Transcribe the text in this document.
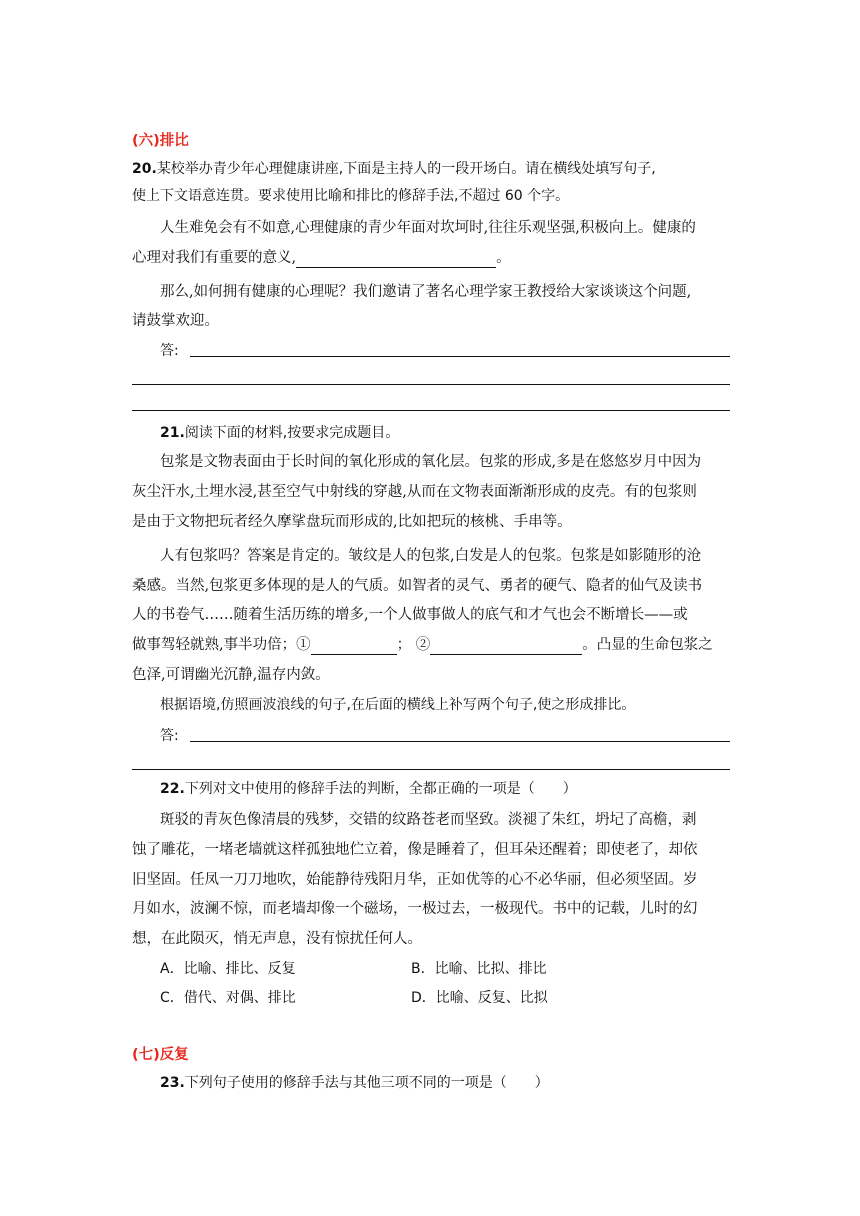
(六)排比
20.某校举办青少年心理健康讲座,下面是主持人的一段开场白。请在横线处填写句子,
使上下文语意连贯。要求使用比喻和排比的修辞手法,不超过 60 个字。
人生难免会有不如意,心理健康的青少年面对坎坷时,往往乐观坚强,积极向上。健康的
心理对我们有重要的意义,	。
那么,如何拥有健康的心理呢？我们邀请了著名心理学家王教授给大家谈谈这个问题,
请鼓掌欢迎。
答:
21.阅读下面的材料,按要求完成题目。
包浆是文物表面由于长时间的氧化形成的氧化层。包浆的形成,多是在悠悠岁月中因为
灰尘汗水,土埋水浸,甚至空气中射线的穿越,从而在文物表面渐渐形成的皮壳。有的包浆则
是由于文物把玩者经久摩挲盘玩而形成的,比如把玩的核桃、手串等。
人有包浆吗？答案是肯定的。皱纹是人的包浆,白发是人的包浆。包浆是如影随形的沧
桑感。当然,包浆更多体现的是人的气质。如智者的灵气、勇者的硬气、隐者的仙气及读书
人的书卷气……随着生活历练的增多,一个人做事做人的底气和才气也会不断增长——或
做事驾轻就熟,事半功倍；①	； ②	。凸显的生命包浆之
色泽,可谓幽光沉静,温存内敛。
根据语境,仿照画波浪线的句子,在后面的横线上补写两个句子,使之形成排比。
答:
22.下列对文中使用的修辞手法的判断，全都正确的一项是（　　）
斑驳的青灰色像清晨的残梦，交错的纹路苍老而坚致。淡褪了朱红，坍圮了高檐，剥
蚀了雕花，一堵老墙就这样孤独地伫立着，像是睡着了，但耳朵还醒着；即使老了，却依
旧坚固。任凤一刀刀地吹，始能静待残阳月华，正如优等的心不必华丽，但必须坚固。岁
月如水，波澜不惊，而老墙却像一个磁场，一极过去，一极现代。书中的记载，儿时的幻
想，在此陨灭，悄无声息，没有惊扰任何人。
A．比喻、排比、反复	B．比喻、比拟、排比
C．借代、对偶、排比	D．比喻、反复、比拟
(七)反复
23.下列句子使用的修辞手法与其他三项不同的一项是（　　）
